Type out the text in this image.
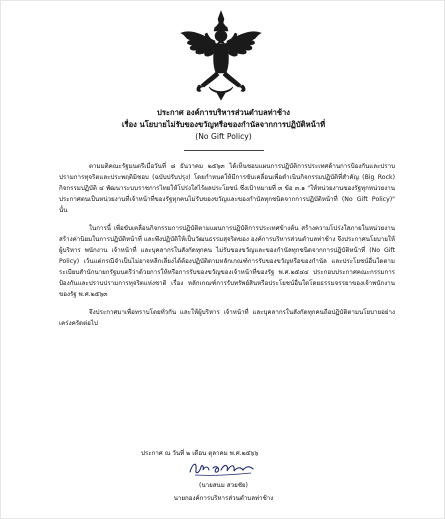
ประกาศ องค์การบริหารส่วนตำบลท่าช้าง
เรื่อง นโยบายไม่รับของขวัญหรือของกำนัลจากการปฏิบัติหน้าที่
(No Gift Policy)

ตามมติคณะรัฐมนตรีเมื่อวันที่ ๘ ธันวาคม ๒๕๖๓ ได้เห็นชอบแผนการปฏิบัติการประเทศด้านการป้องกันและปราบปรามการทุจริตและประพฤติมิชอบ (ฉบับปรับปรุง) โดยกำหนดให้มีการขับเคลื่อนเพื่อดำเนินกิจกรรมปฏิบัติที่สำคัญ (Big Rock) กิจกรรมปฏิบัติ ๔ พัฒนาระบบราชการไทยให้โปร่งใสไร้ผลประโยชน์ ซึ่งเป้าหมายที่ ๓ ข้อ ๓.๑ "ให้หน่วยงานของรัฐทุกหน่วยงานประกาศตนเป็นหน่วยงานที่เจ้าหน้าที่ของรัฐทุกคนไม่รับของขวัญและของกำนัลทุกชนิดจากการปฏิบัติหน้าที่ (No Gift Policy)" นั้น

ในการนี้ เพื่อขับเคลื่อนกิจกรรมการปฏิบัติตามแผนการปฏิบัติการประเทศข้างต้น สร้างความโปร่งใสภายในหน่วยงาน สร้างค่านิยมในการปฏิบัติหน้าที่ และพึงปฏิบัติให้เป็นวัฒนธรรมสุจริตของ องค์การบริหารส่วนตำบลท่าช้าง จึงประกาศนโยบายให้ผู้บริหาร พนักงาน เจ้าหน้าที่ และบุคลากรในสังกัดทุกคน ไม่รับของขวัญและของกำนัลทุกชนิดจากการปฏิบัติหน้าที่ (No Gift Policy) เว้นแต่กรณีจำเป็นไม่อาจหลีกเลี่ยงได้ต้องปฏิบัติตามหลักเกณฑ์การรับของขวัญหรือของกำนัล และประโยชน์อื่นใดตามระเบียบสำนักนายกรัฐมนตรีว่าด้วยการให้หรือการรับของขวัญของเจ้าหน้าที่ของรัฐ พ.ศ.๒๕๔๔ ประกอบประกาศคณะกรรมการป้องกันและปราบปรามการทุจริตแห่งชาติ เรื่อง หลักเกณฑ์การรับทรัพย์สินหรือประโยชน์อื่นใดโดยธรรมจรรยาของเจ้าพนักงานของรัฐ พ.ศ.๒๕๖๓

จึงประกาศมาเพื่อทราบโดยทั่วกัน และให้ผู้บริหาร เจ้าหน้าที่ และบุคลากรในสังกัดทุกคนถือปฏิบัติตามนโยบายอย่างเคร่งครัดต่อไป

ประกาศ ณ วันที่ ๒ เดือน ตุลาคม พ.ศ.๒๕๖๖
(นายสนม สวยชัย)
นายกองค์การบริหารส่วนตำบลท่าช้าง
